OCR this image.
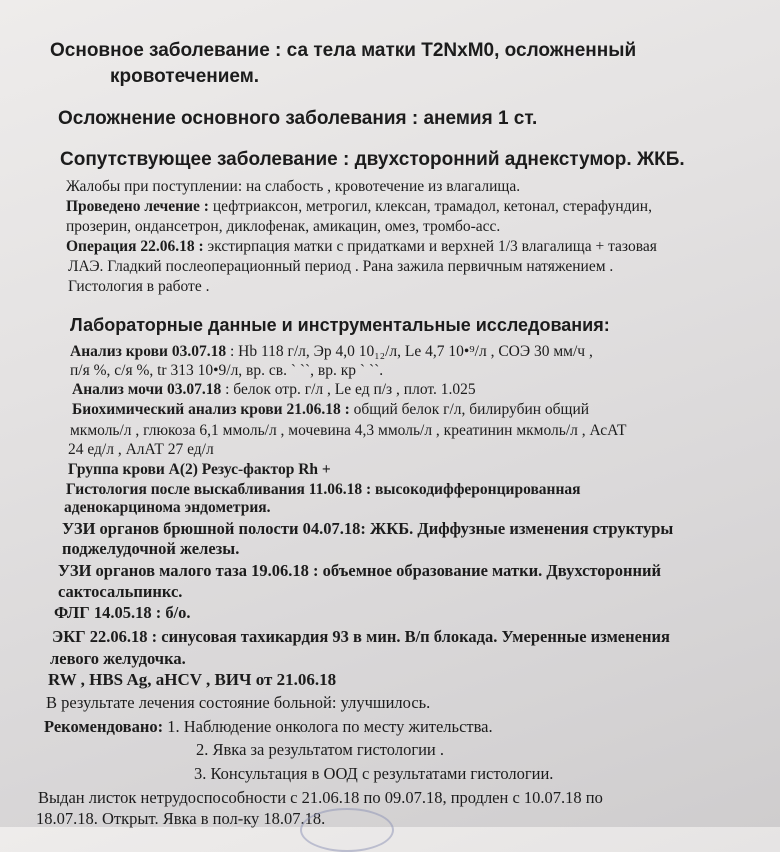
Основное заболевание : са тела матки T2NxM0, осложненный

кровотечением.

Осложнение основного заболевания : анемия 1 ст.

Сопутствующее заболевание : двухсторонний аднекстумор. ЖКБ.

Жалобы при поступлении: на слабость , кровотечение из влагалища.

Проведено лечение : цефтриаксон, метрогил, клексан, трамадол, кетонал, стерафундин,

прозерин, ондансетрон, диклофенак, амикацин, омез, тромбо-асс.

Операция 22.06.18 : экстирпация матки с придатками и верхней 1/3 влагалища + тазовая

ЛАЭ. Гладкий послеоперационный период . Рана зажила первичным натяжением .

Гистология в работе .

Лабораторные данные и инструментальные исследования:

Анализ крови 03.07.18 : Hb 118 г/л, Эр 4,0 10₁₂/л, Le 4,7 10•⁹/л , СОЭ 30 мм/ч ,

п/я %, с/я %, tr 313 10•9/л, вр. св. ` ``, вр. кр ` ``.

Анализ мочи 03.07.18 : белок отр. г/л , Le ед п/з , плот. 1.025

Биохимический анализ крови 21.06.18 : общий белок г/л, билирубин общий

мкмоль/л , глюкоза 6,1 ммоль/л , мочевина 4,3 ммоль/л , креатинин мкмоль/л , АсАТ

24 ед/л , АлАТ 27 ед/л

Группа крови А(2) Резус-фактор Rh +

Гистология после выскабливания 11.06.18 : высокодифферонцированная

аденокарцинома эндометрия.

УЗИ органов брюшной полости 04.07.18: ЖКБ. Диффузные изменения структуры

поджелудочной железы.

УЗИ органов малого таза 19.06.18 : объемное образование матки. Двухсторонний

сактосальпинкс.

ФЛГ 14.05.18 : б/о.

ЭКГ 22.06.18 : синусовая тахикардия 93 в мин. В/п блокада. Умеренные изменения

левого желудочка.

RW , HBS Ag, aHCV , ВИЧ от 21.06.18

В результате лечения состояние больной: улучшилось.

Рекомендовано: 1. Наблюдение онколога по месту жительства.

2. Явка за результатом гистологии .

3. Консультация в ООД с результатами гистологии.

Выдан листок нетрудоспособности с 21.06.18 по 09.07.18, продлен с 10.07.18 по

18.07.18. Открыт. Явка в пол-ку 18.07.18.
